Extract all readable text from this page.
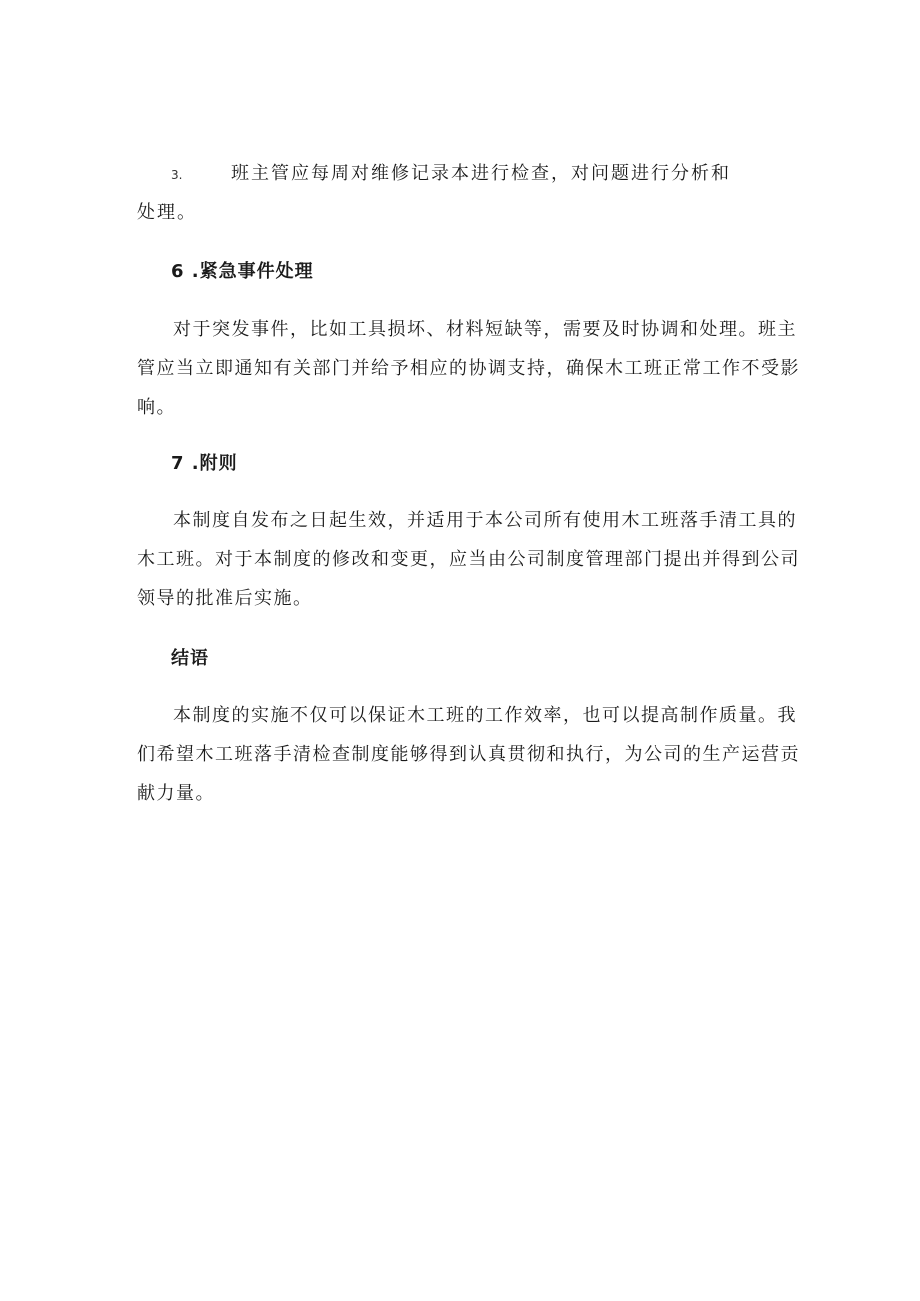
3.	班主管应每周对维修记录本进行检查，对问题进行分析和
处理。
6 .紧急事件处理
对于突发事件，比如工具损坏、材料短缺等，需要及时协调和处理。班主
管应当立即通知有关部门并给予相应的协调支持，确保木工班正常工作不受影
响。
7 .附则
本制度自发布之日起生效，并适用于本公司所有使用木工班落手清工具的
木工班。对于本制度的修改和变更，应当由公司制度管理部门提出并得到公司
领导的批准后实施。
结语
本制度的实施不仅可以保证木工班的工作效率，也可以提高制作质量。我
们希望木工班落手清检查制度能够得到认真贯彻和执行，为公司的生产运营贡
献力量。
